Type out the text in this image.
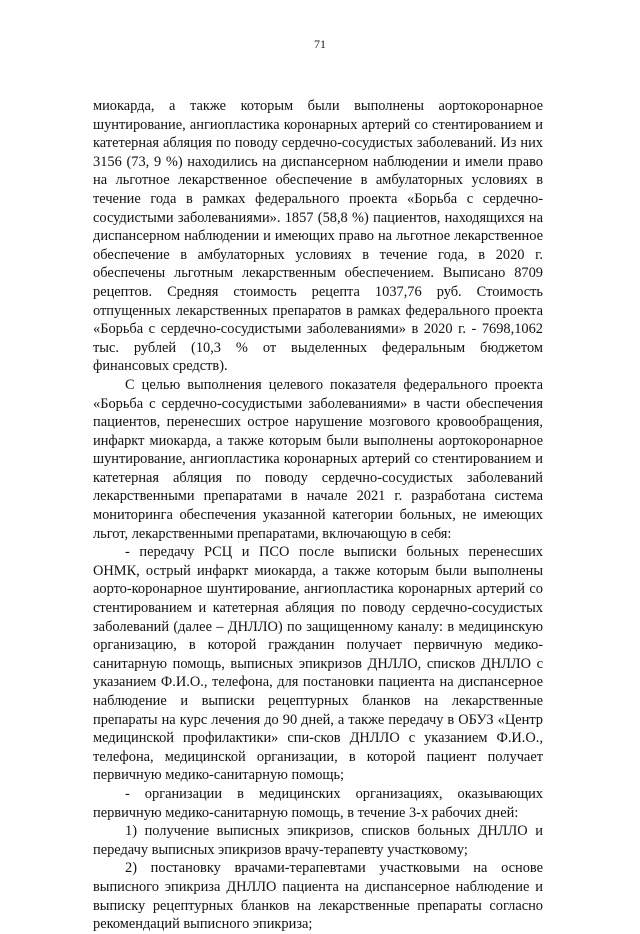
71

миокарда, а также которым были выполнены аортокоронарное шунтирование, ангиопластика коронарных артерий со стентированием и катетерная абляция по поводу сердечно-сосудистых заболеваний. Из них 3156 (73, 9 %) находились на диспансерном наблюдении и имели право на льготное лекарственное обеспечение в амбулаторных условиях в течение года в рамках федерального проекта «Борьба с сердечно-сосудистыми заболеваниями». 1857 (58,8 %) пациентов, находящихся на диспансерном наблюдении и имеющих право на льготное лекарственное обеспечение в амбулаторных условиях в течение года, в 2020 г. обеспечены льготным лекарственным обеспечением. Выписано 8709 рецептов. Средняя стоимость рецепта 1037,76 руб. Стоимость отпущенных лекарственных препаратов в рамках федерального проекта «Борьба с сердечно-сосудистыми заболеваниями» в 2020 г. - 7698,1062 тыс. рублей (10,3 % от выделенных федеральным бюджетом финансовых средств).

С целью выполнения целевого показателя федерального проекта «Борьба с сердечно-сосудистыми заболеваниями» в части обеспечения пациентов, перенесших острое нарушение мозгового кровообращения, инфаркт миокарда, а также которым были выполнены аортокоронарное шунтирование, ангиопластика коронарных артерий со стентированием и катетерная абляция по поводу сердечно-сосудистых заболеваний лекарственными препаратами в начале 2021 г. разработана система мониторинга обеспечения указанной категории больных, не имеющих льгот, лекарственными препаратами, включающую в себя:

- передачу РСЦ и ПСО после выписки больных перенесших ОНМК, острый инфаркт миокарда, а также которым были выполнены аорто-коронарное шунтирование, ангиопластика коронарных артерий со стентированием и катетерная абляция по поводу сердечно-сосудистых заболеваний (далее – ДНЛЛО) по защищенному каналу: в медицинскую организацию, в которой гражданин получает первичную медико-санитарную помощь, выписных эпикризов ДНЛЛО, списков ДНЛЛО с указанием Ф.И.О., телефона, для постановки пациента на диспансерное наблюдение и выписки рецептурных бланков на лекарственные препараты на курс лечения до 90 дней, а также передачу в ОБУЗ «Центр медицинской профилактики» спи-сков ДНЛЛО с указанием Ф.И.О., телефона, медицинской организации, в которой пациент получает первичную медико-санитарную помощь;

- организации в медицинских организациях, оказывающих первичную медико-санитарную помощь, в течение 3-х рабочих дней:

1) получение выписных эпикризов, списков больных ДНЛЛО и передачу выписных эпикризов врачу-терапевту участковому;

2) постановку врачами-терапевтами участковыми на основе выписного эпикриза ДНЛЛО пациента на диспансерное наблюдение и выписку рецептурных бланков на лекарственные препараты согласно рекомендаций выписного эпикриза;
